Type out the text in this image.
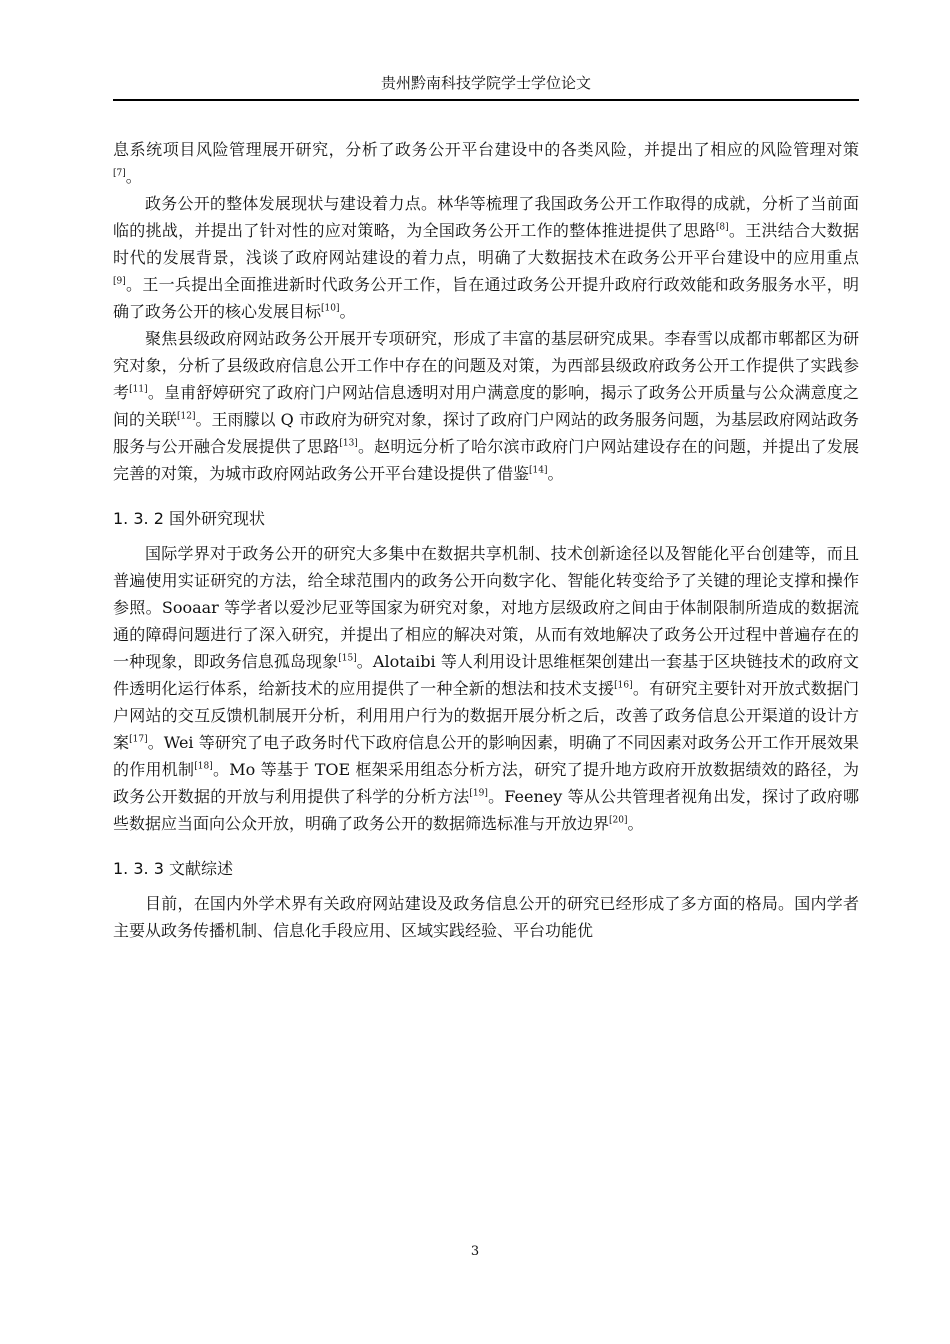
贵州黔南科技学院学士学位论文

息系统项目风险管理展开研究，分析了政务公开平台建设中的各类风险，并提出了相应的风险管理对策[7]。

政务公开的整体发展现状与建设着力点。林华等梳理了我国政务公开工作取得的成就，分析了当前面临的挑战，并提出了针对性的应对策略，为全国政务公开工作的整体推进提供了思路[8]。王洪结合大数据时代的发展背景，浅谈了政府网站建设的着力点，明确了大数据技术在政务公开平台建设中的应用重点[9]。王一兵提出全面推进新时代政务公开工作，旨在通过政务公开提升政府行政效能和政务服务水平，明确了政务公开的核心发展目标[10]。

聚焦县级政府网站政务公开展开专项研究，形成了丰富的基层研究成果。李春雪以成都市郫都区为研究对象，分析了县级政府信息公开工作中存在的问题及对策，为西部县级政府政务公开工作提供了实践参考[11]。皇甫舒婷研究了政府门户网站信息透明对用户满意度的影响，揭示了政务公开质量与公众满意度之间的关联[12]。王雨朦以 Q 市政府为研究对象，探讨了政府门户网站的政务服务问题，为基层政府网站政务服务与公开融合发展提供了思路[13]。赵明远分析了哈尔滨市政府门户网站建设存在的问题，并提出了发展完善的对策，为城市政府网站政务公开平台建设提供了借鉴[14]。

1. 3. 2 国外研究现状

国际学界对于政务公开的研究大多集中在数据共享机制、技术创新途径以及智能化平台创建等，而且普遍使用实证研究的方法，给全球范围内的政务公开向数字化、智能化转变给予了关键的理论支撑和操作参照。Sooaar 等学者以爱沙尼亚等国家为研究对象，对地方层级政府之间由于体制限制所造成的数据流通的障碍问题进行了深入研究，并提出了相应的解决对策，从而有效地解决了政务公开过程中普遍存在的一种现象，即政务信息孤岛现象[15]。Alotaibi 等人利用设计思维框架创建出一套基于区块链技术的政府文件透明化运行体系，给新技术的应用提供了一种全新的想法和技术支援[16]。有研究主要针对开放式数据门户网站的交互反馈机制展开分析，利用用户行为的数据开展分析之后，改善了政务信息公开渠道的设计方案[17]。Wei 等研究了电子政务时代下政府信息公开的影响因素，明确了不同因素对政务公开工作开展效果的作用机制[18]。Mo 等基于 TOE 框架采用组态分析方法，研究了提升地方政府开放数据绩效的路径，为政务公开数据的开放与利用提供了科学的分析方法[19]。Feeney 等从公共管理者视角出发，探讨了政府哪些数据应当面向公众开放，明确了政务公开的数据筛选标准与开放边界[20]。

1. 3. 3 文献综述

目前，在国内外学术界有关政府网站建设及政务信息公开的研究已经形成了多方面的格局。国内学者主要从政务传播机制、信息化手段应用、区域实践经验、平台功能优

3
